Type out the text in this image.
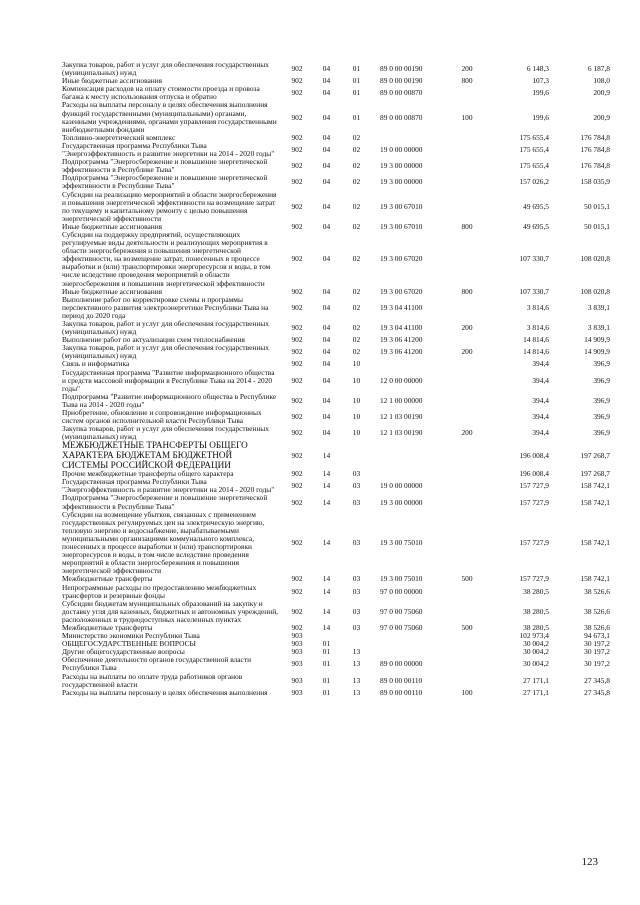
Закупка товаров, работ и услуг для обеспечения государственных (муниципальных) нужд	902	04	01	89 0 00 00190	200	6 148,3	6 187,8
Иные бюджетные ассигнования	902	04	01	89 0 00 00190	800	107,3	108,0
Компенсация расходов на оплату стоимости проезда и провоза багажа к месту использования отпуска и обратно	902	04	01	89 0 00 00870		199,6	200,9
Расходы на выплаты персоналу в целях обеспечения выполнения функций государственными (муниципальными) органами, казенными учреждениями, органами управления государственными внебюджетными фондами	902	04	01	89 0 00 00870	100	199,6	200,9
Топливно-энергетический комплекс	902	04	02			175 655,4	176 784,8
Государственная программа Республики Тыва "Энергоэффективность и развитие энергетики на 2014 - 2020 годы"	902	04	02	19 0 00 00000		175 655,4	176 784,8
Подпрограмма "Энергосбережение и повышение энергетической эффективности в Республике Тыва"	902	04	02	19 3 00 00000		175 655,4	176 784,8
Подпрограмма "Энергосбережение и повышение энергетической эффективности в Республике Тыва"	902	04	02	19 3 00 00000		157 026,2	158 035,9
Субсидии на реализацию мероприятий в области энергосбережения и повышения энергетической эффективности на возмещение затрат по текущему и капитальному ремонту с целью повышения энергетической эффективности	902	04	02	19 3 00 67010		49 695,5	50 015,1
Иные бюджетные ассигнования	902	04	02	19 3 00 67010	800	49 695,5	50 015,1
Субсидии на поддержку предприятий, осуществляющих регулируемые виды деятельности и реализующих мероприятия в области энергосбережения и повышения энергетической эффективности, на возмещение затрат, понесенных в процессе выработки и (или) транспортировки энергоресурсов и воды, в том числе вследствие проведения мероприятий в области энергосбережения и повышения энергетической эффективности	902	04	02	19 3 00 67020		107 330,7	108 020,8
Иные бюджетные ассигнования	902	04	02	19 3 00 67020	800	107 330,7	108 020,8
Выполнение работ по корректировке схемы и программы перспективного развития электроэнергетики Республики Тыва на период до 2020 года	902	04	02	19 3 04 41100		3 814,6	3 839,1
Закупка товаров, работ и услуг для обеспечения государственных (муниципальных) нужд	902	04	02	19 3 04 41100	200	3 814,6	3 839,1
Выполнение работ по актуализации схем теплоснабжения	902	04	02	19 3 06 41200		14 814,6	14 909,9
Закупка товаров, работ и услуг для обеспечения государственных (муниципальных) нужд	902	04	02	19 3 06 41200	200	14 814,6	14 909,9
Связь и информатика	902	04	10			394,4	396,9
Государственная программа "Развитие информационного общества и средств массовой информации в Республике Тыва на 2014 - 2020 годы"	902	04	10	12 0 00 00000		394,4	396,9
Подпрограмма "Развитие информационного общества в Республике Тыва на 2014 - 2020 годы"	902	04	10	12 1 00 00000		394,4	396,9
Приобретение, обновление и сопровождение информационных систем органов исполнительной власти Республики Тыва	902	04	10	12 1 03 00190		394,4	396,9
Закупка товаров, работ и услуг для обеспечения государственных (муниципальных) нужд	902	04	10	12 1 03 00190	200	394,4	396,9
МЕЖБЮДЖЕТНЫЕ ТРАНСФЕРТЫ ОБЩЕГО ХАРАКТЕРА БЮДЖЕТАМ БЮДЖЕТНОЙ СИСТЕМЫ РОССИЙСКОЙ ФЕДЕРАЦИИ	902	14				196 008,4	197 268,7
Прочие межбюджетные трансферты общего характера	902	14	03			196 008,4	197 268,7
Государственная программа Республики Тыва "Энергоэффективность и развитие энергетики на 2014 - 2020 годы"	902	14	03	19 0 00 00000		157 727,9	158 742,1
Подпрограмма "Энергосбережение и повышение энергетической эффективности в Республике Тыва"	902	14	03	19 3 00 00000		157 727,9	158 742,1
Субсидии на возмещение убытков, связанных с применением государственных регулируемых цен на электрическую энергию, тепловую энергию и водоснабжение, вырабатываемыми муниципальными организациями коммунального комплекса, понесенных в процессе выработки и (или) транспортировки энергоресурсов и воды, в том числе вследствие проведения мероприятий в области энергосбережения и повышения энергетической эффективности	902	14	03	19 3 00 75010		157 727,9	158 742,1
Межбюджетные трансферты	902	14	03	19 3 00 75010	500	157 727,9	158 742,1
Непрограммные расходы по предоставлению межбюджетных трансфертов и резервные фонды	902	14	03	97 0 00 00000		38 280,5	38 526,6
Субсидии бюджетам муниципальных образований на закупку и доставку угля для казенных, бюджетных и автономных учреждений, расположенных в труднодоступных населенных пунктах	902	14	03	97 0 00 75060		38 280,5	38 526,6
Межбюджетные трансферты	902	14	03	97 0 00 75060	500	38 280,5	38 526,6
Министерство экономики Республики Тыва	903					102 973,4	94 673,1
ОБЩЕГОСУДАРСТВЕННЫЕ ВОПРОСЫ	903	01				30 004,2	30 197,2
Другие общегосударственные вопросы	903	01	13			30 004,2	30 197,2
Обеспечение деятельности органов государственной власти Республики Тыва	903	01	13	89 0 00 00000		30 004,2	30 197,2
Расходы на выплаты по оплате труда работников органов государственной власти	903	01	13	89 0 00 00110		27 171,1	27 345,8
Расходы на выплаты персоналу в целях обеспечения выполнения	903	01	13	89 0 00 00110	100	27 171,1	27 345,8
123
